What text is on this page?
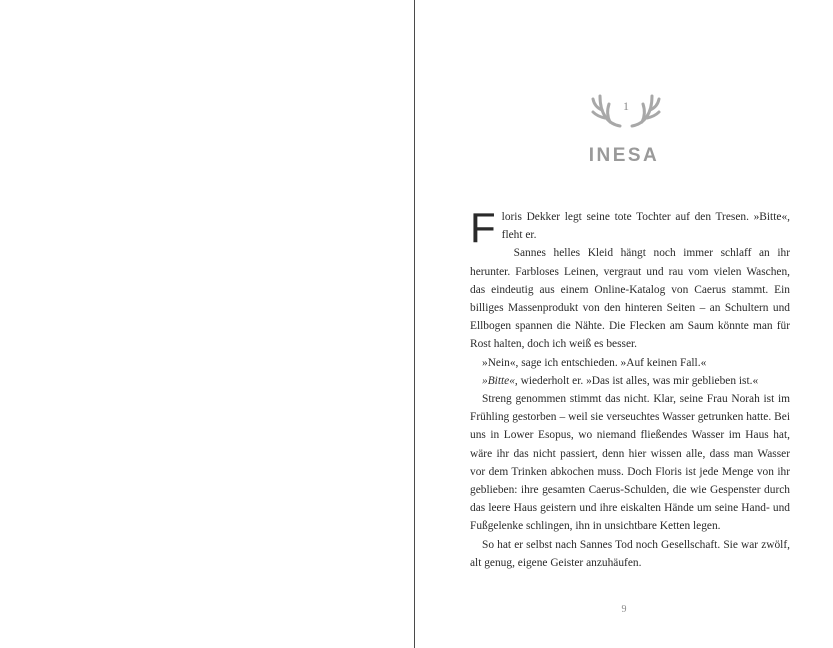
1
INESA

Floris Dekker legt seine tote Tochter auf den Tresen. »Bitte«, fleht er.

Sannes helles Kleid hängt noch immer schlaff an ihr herunter. Farbloses Leinen, vergraut und rau vom vielen Waschen, das eindeutig aus einem Online-Katalog von Caerus stammt. Ein billiges Massenprodukt von den hinteren Seiten – an Schultern und Ellbogen spannen die Nähte. Die Flecken am Saum könnte man für Rost halten, doch ich weiß es besser.

»Nein«, sage ich entschieden. »Auf keinen Fall.«

»Bitte«, wiederholt er. »Das ist alles, was mir geblieben ist.«

Streng genommen stimmt das nicht. Klar, seine Frau Norah ist im Frühling gestorben – weil sie verseuchtes Wasser getrunken hatte. Bei uns in Lower Esopus, wo niemand fließendes Wasser im Haus hat, wäre ihr das nicht passiert, denn hier wissen alle, dass man Wasser vor dem Trinken abkochen muss. Doch Floris ist jede Menge von ihr geblieben: ihre gesamten Caerus-Schulden, die wie Gespenster durch das leere Haus geistern und ihre eiskalten Hände um seine Hand- und Fußgelenke schlingen, ihn in unsichtbare Ketten legen.

So hat er selbst nach Sannes Tod noch Gesellschaft. Sie war zwölf, alt genug, eigene Geister anzuhäufen.

9
